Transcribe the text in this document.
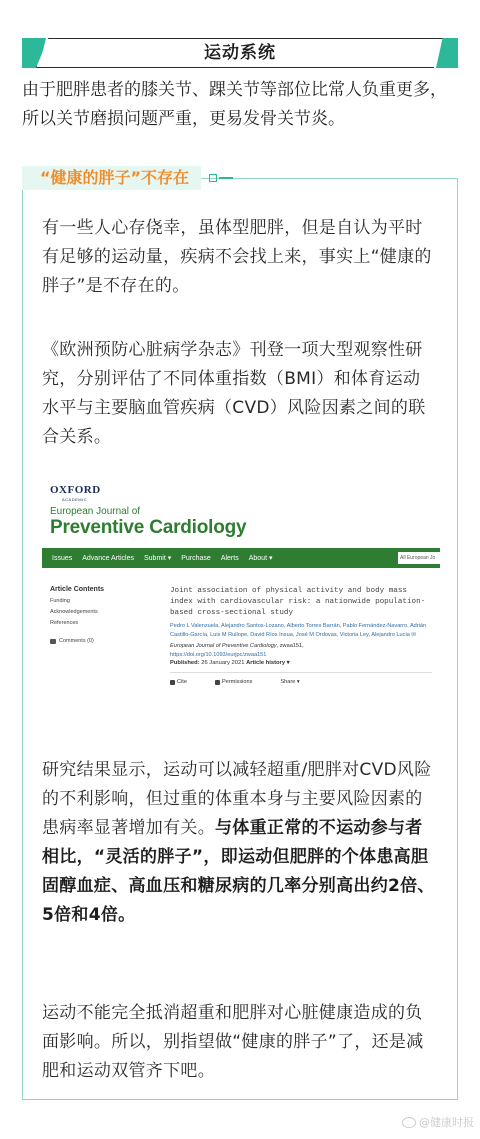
运动系统
由于肥胖患者的膝关节、踝关节等部位比常人负重更多，所以关节磨损问题严重，更易发骨关节炎。
“健康的胖子”不存在
有一些人心存侥幸，虽体型肥胖，但是自认为平时有足够的运动量，疾病不会找上来，事实上“健康的胖子”是不存在的。
《欧洲预防心脏病学杂志》刊登一项大型观察性研究，分别评估了不同体重指数（BMI）和体育运动水平与主要脑血管疾病（CVD）风险因素之间的联合关系。
OXFORD
ACADEMIC
European Journal of
Preventive Cardiology
Issues Advance Articles Submit ▾ Purchase Alerts About ▾	All European Jo
Article Contents
Funding
Acknowledgements
References
Comments (0)
Joint association of physical activity and body mass index with cardiovascular risk: a nationwide population-based cross-sectional study
Pedro L Valenzuela, Alejandro Santos-Lozano, Alberto Torres Barrán, Pablo Fernández-Navarro, Adrián Castillo-García, Luis M Ruilope, David Ríos Insua, José M Ordovas, Victoria Ley, Alejandro Lucia ✉
European Journal of Preventive Cardiology, zwaa151,
https://doi.org/10.1093/eurjpc/zwaa151
Published: 26 January 2021 Article history ▾
Cite	Permissions	Share ▾
研究结果显示，运动可以减轻超重/肥胖对CVD风险的不利影响，但过重的体重本身与主要风险因素的患病率显著增加有关。与体重正常的不运动参与者相比，“灵活的胖子”，即运动但肥胖的个体患高胆固醇血症、高血压和糖尿病的几率分别高出约2倍、5倍和4倍。
运动不能完全抵消超重和肥胖对心脏健康造成的负面影响。所以，别指望做“健康的胖子”了，还是减肥和运动双管齐下吧。
@健康时报
